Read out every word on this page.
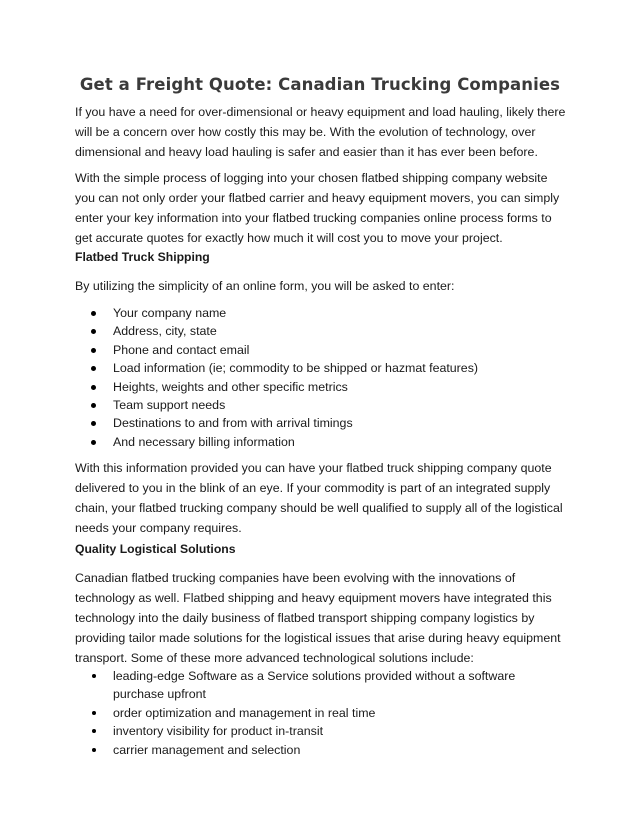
Get a Freight Quote: Canadian Trucking Companies

If you have a need for over-dimensional or heavy equipment and load hauling, likely there will be a concern over how costly this may be. With the evolution of technology, over dimensional and heavy load hauling is safer and easier than it has ever been before.

With the simple process of logging into your chosen flatbed shipping company website you can not only order your flatbed carrier and heavy equipment movers, you can simply enter your key information into your flatbed trucking companies online process forms to get accurate quotes for exactly how much it will cost you to move your project.

Flatbed Truck Shipping

By utilizing the simplicity of an online form, you will be asked to enter:

Your company name
Address, city, state
Phone and contact email
Load information (ie; commodity to be shipped or hazmat features)
Heights, weights and other specific metrics
Team support needs
Destinations to and from with arrival timings
And necessary billing information

With this information provided you can have your flatbed truck shipping company quote delivered to you in the blink of an eye. If your commodity is part of an integrated supply chain, your flatbed trucking company should be well qualified to supply all of the logistical needs your company requires.

Quality Logistical Solutions

Canadian flatbed trucking companies have been evolving with the innovations of technology as well. Flatbed shipping and heavy equipment movers have integrated this technology into the daily business of flatbed transport shipping company logistics by providing tailor made solutions for the logistical issues that arise during heavy equipment transport. Some of these more advanced technological solutions include:

leading-edge Software as a Service solutions provided without a software purchase upfront
order optimization and management in real time
inventory visibility for product in-transit
carrier management and selection
